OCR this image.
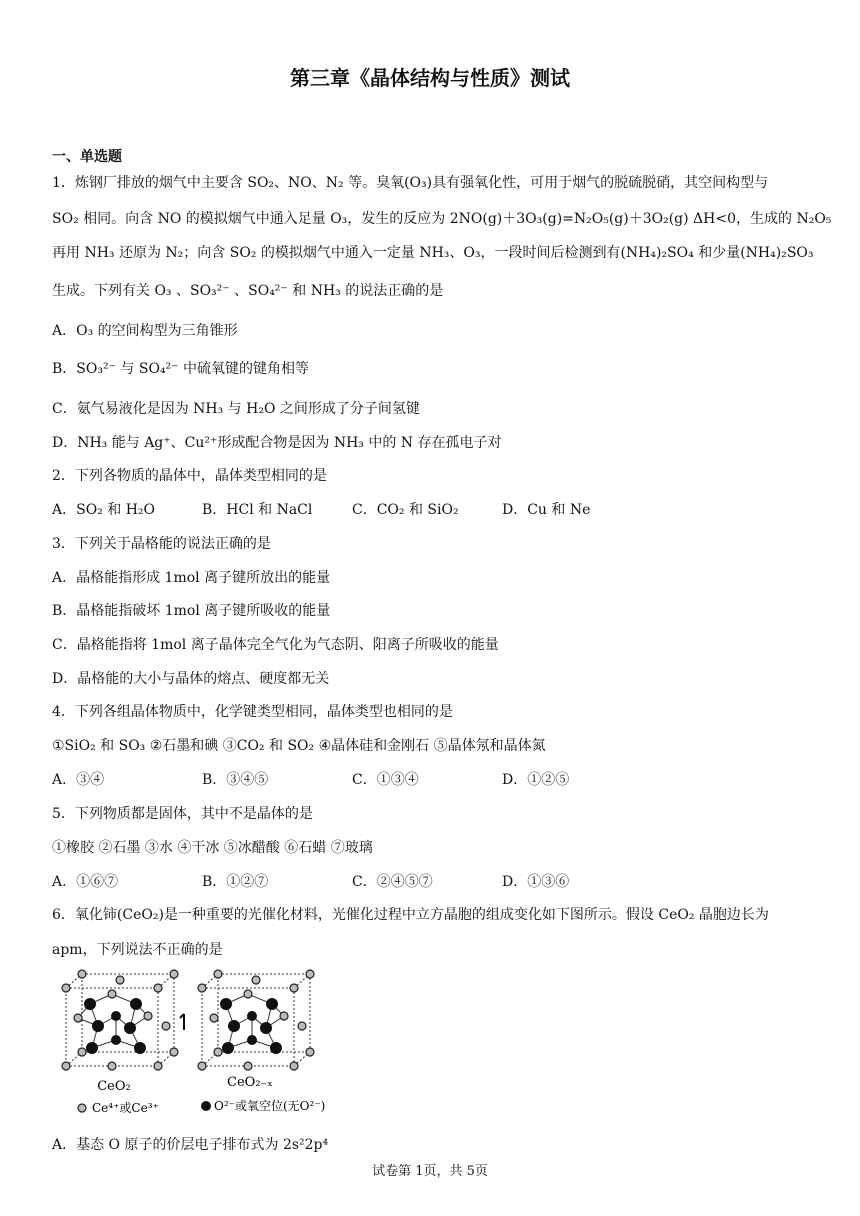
第三章《晶体结构与性质》测试
一、单选题
1．炼钢厂排放的烟气中主要含 SO₂、NO、N₂ 等。臭氧(O₃)具有强氧化性，可用于烟气的脱硫脱硝，其空间构型与
SO₂ 相同。向含 NO 的模拟烟气中通入足量 O₃，发生的反应为 2NO(g)＋3O₃(g)=N₂O₅(g)＋3O₂(g) ΔH<0，生成的 N₂O₅
再用 NH₃ 还原为 N₂；向含 SO₂ 的模拟烟气中通入一定量 NH₃、O₃，一段时间后检测到有(NH₄)₂SO₄ 和少量(NH₄)₂SO₃
生成。下列有关 O₃ 、SO₃²⁻ 、SO₄²⁻ 和 NH₃ 的说法正确的是
A．O₃ 的空间构型为三角锥形
B．SO₃²⁻ 与 SO₄²⁻ 中硫氧键的键角相等
C．氨气易液化是因为 NH₃ 与 H₂O 之间形成了分子间氢键
D．NH₃ 能与 Ag⁺、Cu²⁺形成配合物是因为 NH₃ 中的 N 存在孤电子对
2．下列各物质的晶体中，晶体类型相同的是
A．SO₂ 和 H₂O	B．HCl 和 NaCl	C．CO₂ 和 SiO₂	D．Cu 和 Ne
3．下列关于晶格能的说法正确的是
A．晶格能指形成 1mol 离子键所放出的能量
B．晶格能指破坏 1mol 离子键所吸收的能量
C．晶格能指将 1mol 离子晶体完全气化为气态阴、阳离子所吸收的能量
D．晶格能的大小与晶体的熔点、硬度都无关
4．下列各组晶体物质中，化学键类型相同，晶体类型也相同的是
①SiO₂ 和 SO₃ ②石墨和碘 ③CO₂ 和 SO₂ ④晶体硅和金刚石 ⑤晶体氖和晶体氮
A．③④	B．③④⑤	C．①③④	D．①②⑤
5．下列物质都是固体，其中不是晶体的是
①橡胶 ②石墨 ③水 ④干冰 ⑤冰醋酸 ⑥石蜡 ⑦玻璃
A．①⑥⑦	B．①②⑦	C．②④⑤⑦	D．①③⑥
6．氧化铈(CeO₂)是一种重要的光催化材料，光催化过程中立方晶胞的组成变化如下图所示。假设 CeO₂ 晶胞边长为
apm，下列说法不正确的是
CeO₂	CeO₂₋ₓ
Ce⁴⁺或Ce³⁺	O²⁻或氧空位(无O²⁻)
A．基态 O 原子的价层电子排布式为 2s²2p⁴
试卷第 1页，共 5页
